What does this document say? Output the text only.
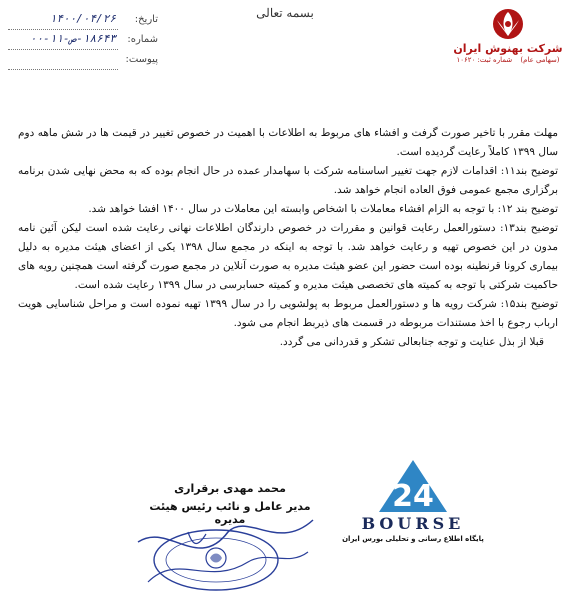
بسمه تعالی
تاریخ:
۱۴۰۰/۰۴/۲۶
شماره:
۱۸۶۴۳-ص-۱۱-۰۰
پیوست:
شرکت بهنوش ایران
(سهامی عام) شماره ثبت: ۱۰۶۲۰

مهلت مقرر با تاخیر صورت گرفت و افشاء های مربوط به اطلاعات با اهمیت در خصوص تغییر در قیمت ها در شش ماهه دوم سال ۱۳۹۹ کاملاً رعایت گردیده است.

توضیح بند۱۱: اقدامات لازم جهت تغییر اساسنامه شرکت با سهامدار عمده در حال انجام بوده که به محض نهایی شدن برنامه برگزاری مجمع عمومی فوق العاده انجام خواهد شد.

توضیح بند ۱۲: با توجه به الزام افشاء معاملات با اشخاص وابسته این معاملات در سال ۱۴۰۰ افشا خواهد شد.

توضیح بند۱۳: دستورالعمل رعایت قوانین و مقررات در خصوص دارندگان اطلاعات نهانی رعایت شده است لیکن آئین نامه مدون در این خصوص تهیه و رعایت خواهد شد. با توجه به اینکه در مجمع سال ۱۳۹۸ یکی از اعضای هیئت مدیره به دلیل بیماری کرونا قرنطینه بوده است حضور این عضو هیئت مدیره به صورت آنلاین در مجمع صورت گرفته است همچنین رویه های حاکمیت شرکتی با توجه به کمیته های تخصصی هیئت مدیره و کمیته حسابرسی در سال ۱۳۹۹ رعایت شده است.

توضیح بند۱۵: شرکت رویه ها و دستورالعمل مربوط به پولشویی را در سال ۱۳۹۹ تهیه نموده است و مراحل شناسایی هویت ارباب رجوع با اخذ مستندات مربوطه در قسمت های ذیربط انجام می شود.

قبلا از بذل عنایت و توجه جنابعالی تشکر و قدردانی می گردد.

محمد مهدی برقراری
مدیر عامل و نائب رئیس هیئت مدیره
24
BOURSE
پایگاه اطلاع رسانی و تحلیلی بورس ایران
